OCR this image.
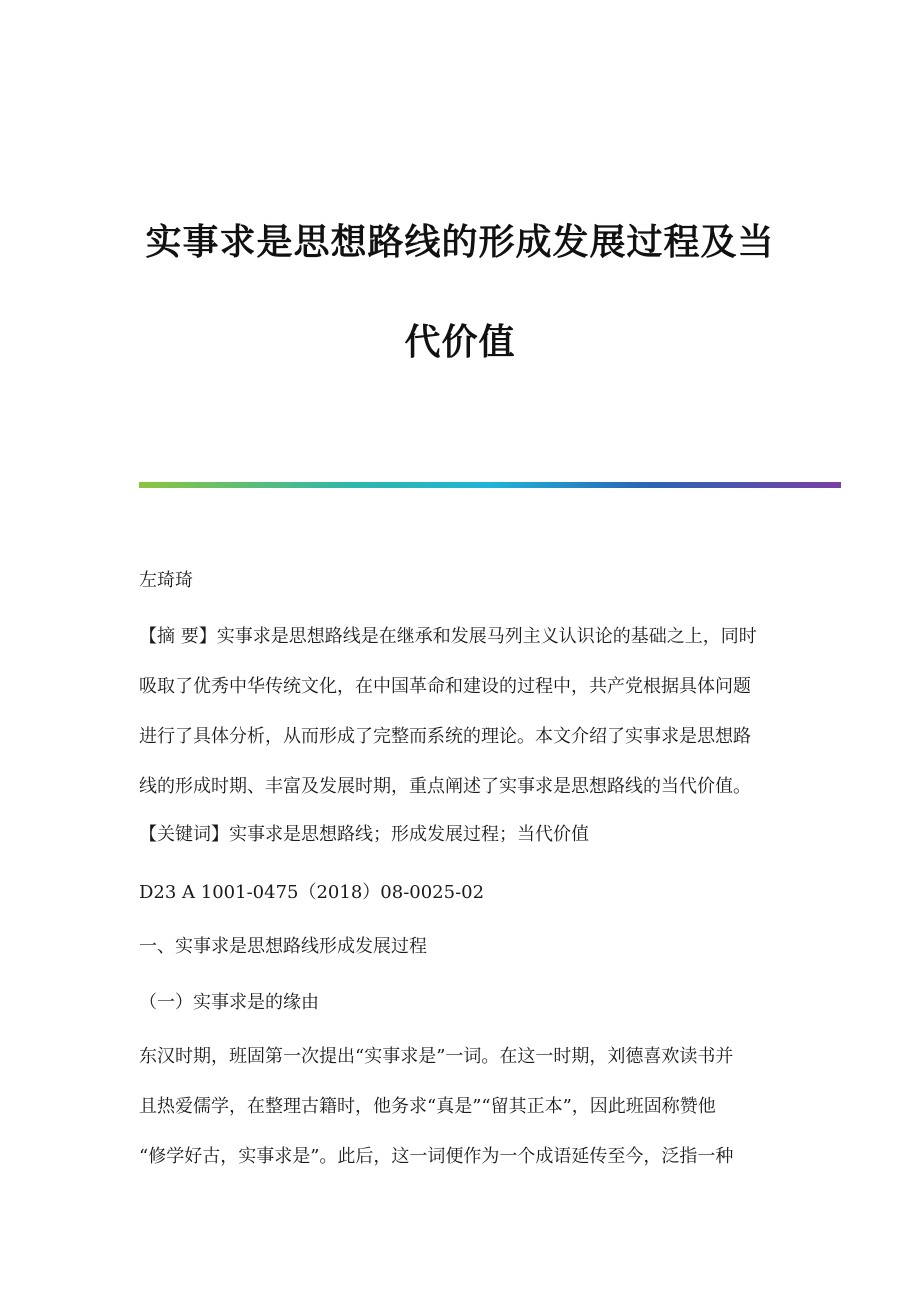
实事求是思想路线的形成发展过程及当
代价值

左琦琦

【摘 要】实事求是思想路线是在继承和发展马列主义认识论的基础之上，同时
吸取了优秀中华传统文化，在中国革命和建设的过程中，共产党根据具体问题
进行了具体分析，从而形成了完整而系统的理论。本文介绍了实事求是思想路
线的形成时期、丰富及发展时期，重点阐述了实事求是思想路线的当代价值。

【关键词】实事求是思想路线；形成发展过程；当代价值

D23 A 1001-0475（2018）08-0025-02

一、实事求是思想路线形成发展过程

（一）实事求是的缘由

东汉时期，班固第一次提出“实事求是”一词。在这一时期，刘德喜欢读书并
且热爱儒学，在整理古籍时，他务求“真是”“留其正本”，因此班固称赞他
“修学好古，实事求是”。此后，这一词便作为一个成语延传至今，泛指一种
